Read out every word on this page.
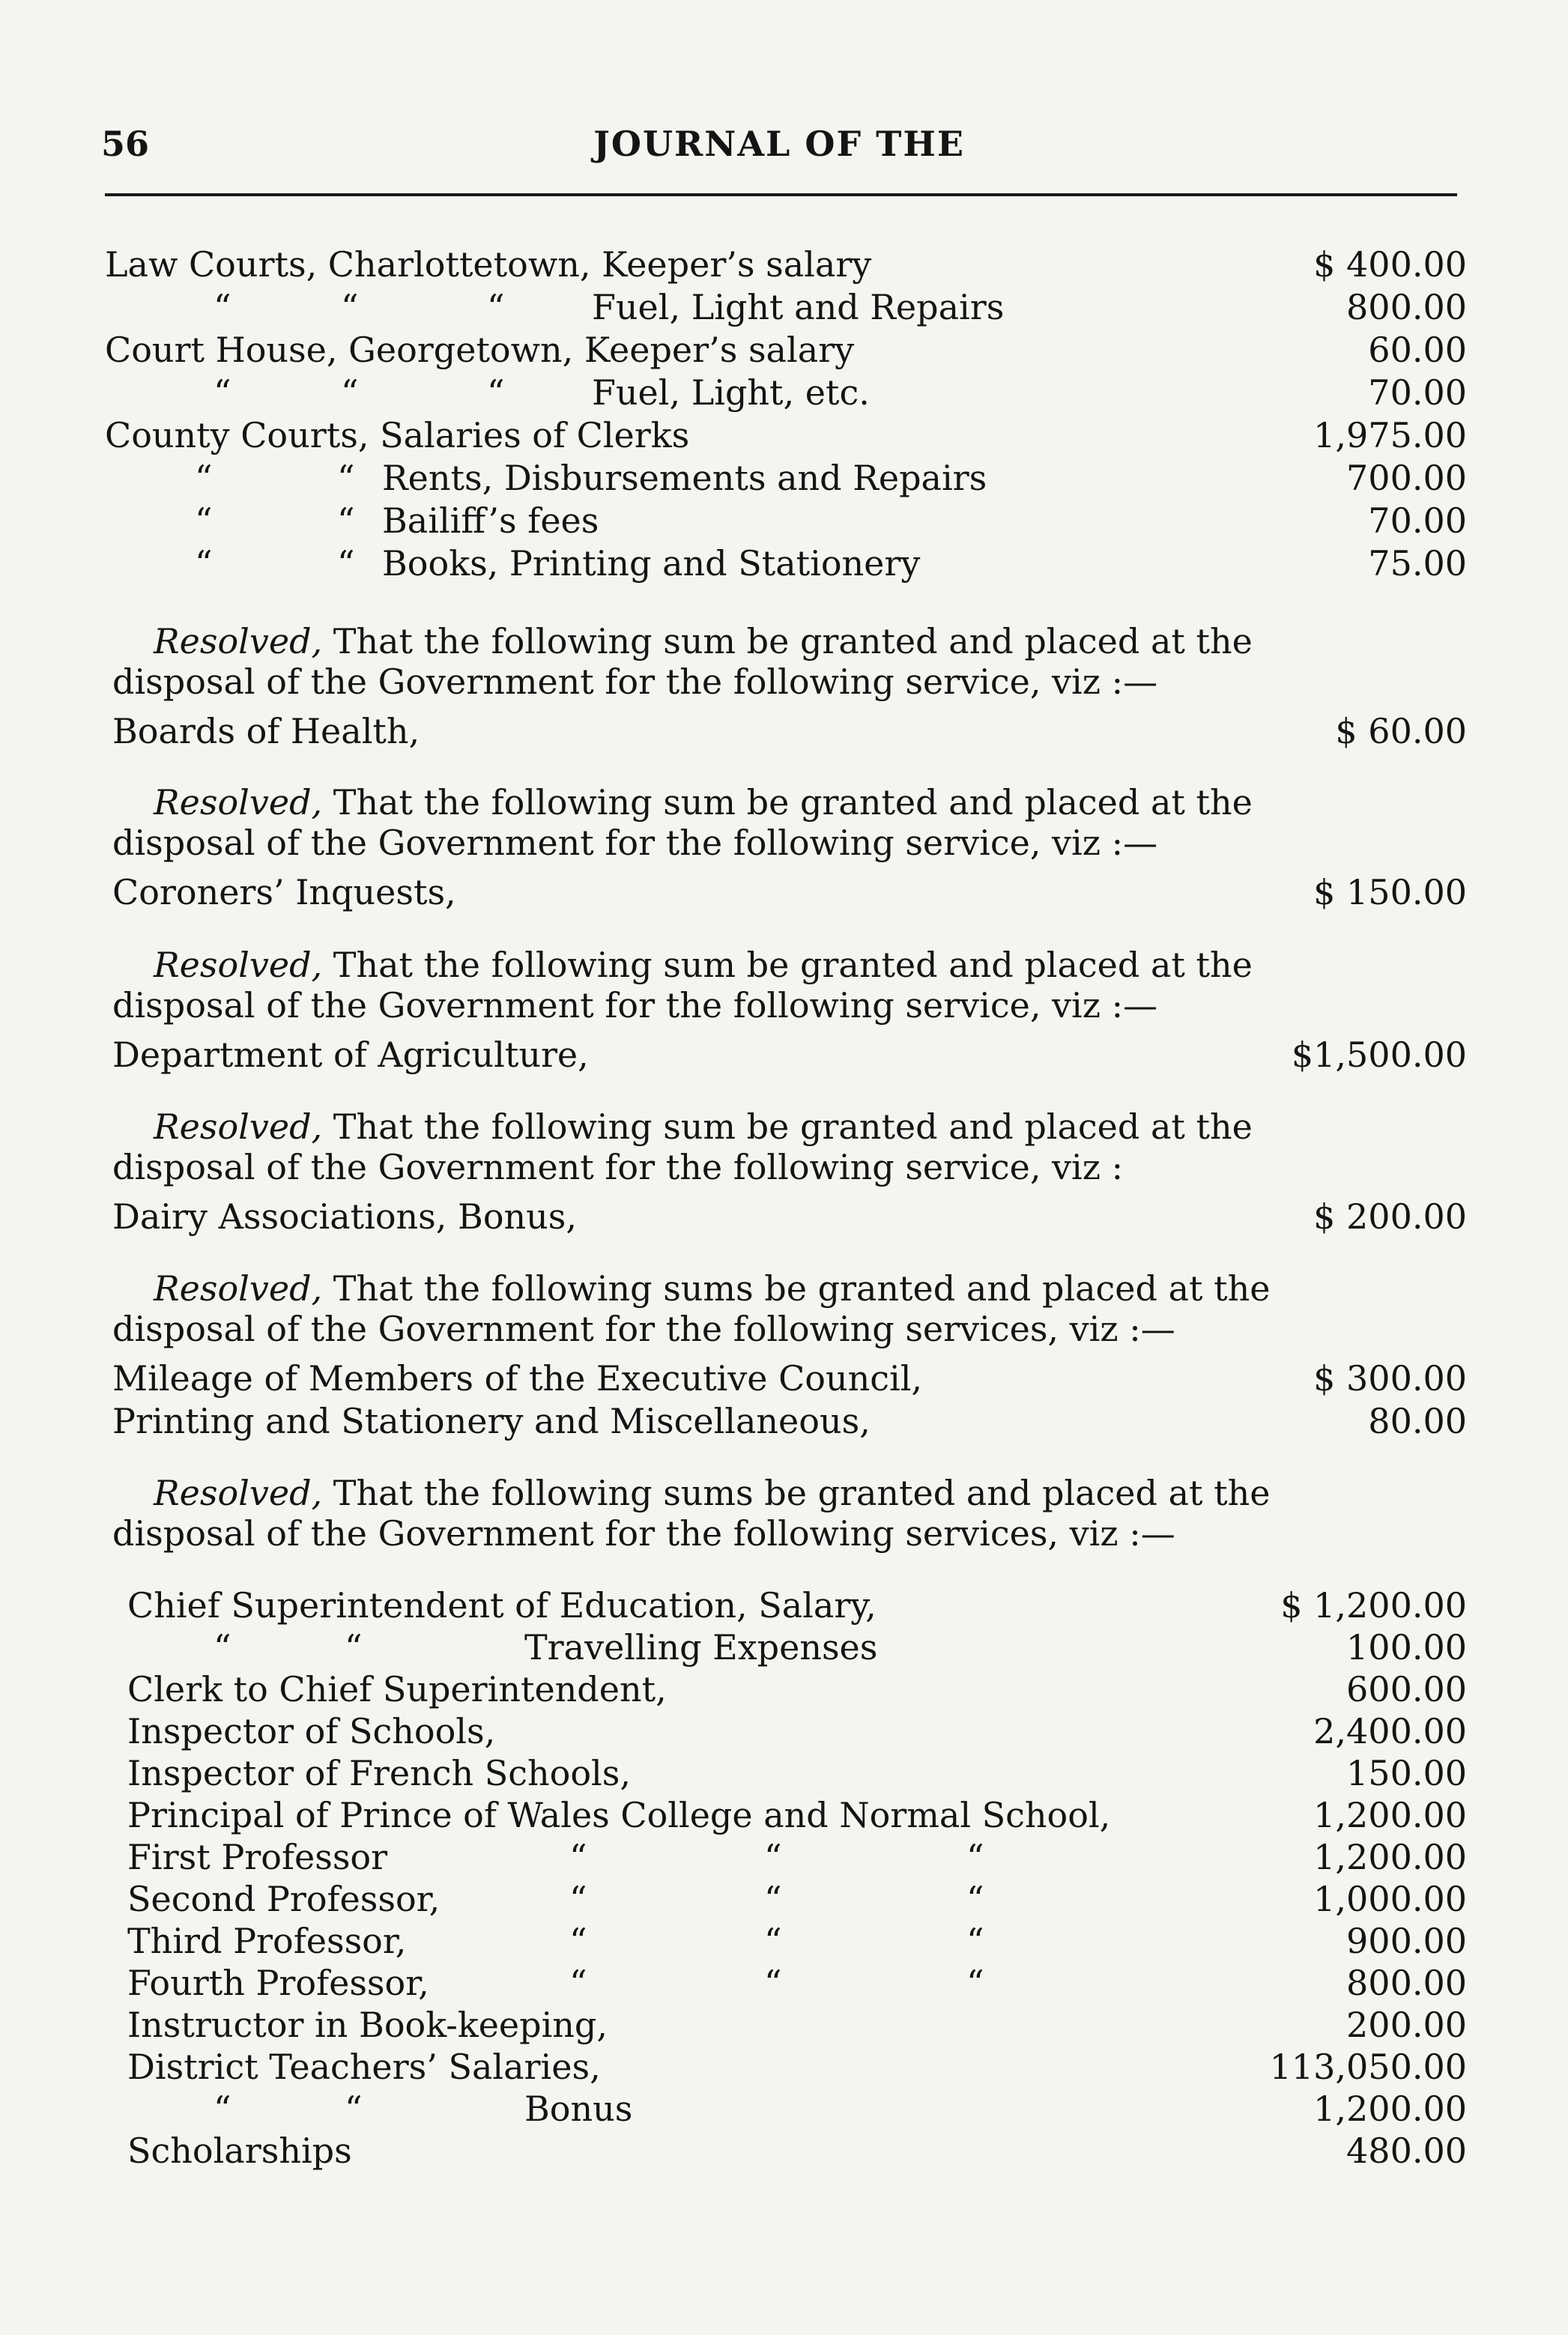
56	JOURNAL OF THE
Law Courts, Charlottetown, Keeper’s salary	$ 400.00
“	“	“	Fuel, Light and Repairs	800.00
Court House, Georgetown, Keeper’s salary	60.00
“	“	“	Fuel, Light, etc.	70.00
County Courts, Salaries of Clerks	1,975.00
“	“ Rents, Disbursements and Repairs	700.00
“	“ Bailiff’s fees	70.00
“	“ Books, Printing and Stationery	75.00
Resolved, That the following sum be granted and placed at the
disposal of the Government for the following service, viz :—
Boards of Health,	$ 60.00
Resolved, That the following sum be granted and placed at the
disposal of the Government for the following service, viz :—
Coroners’ Inquests,	$ 150.00
Resolved, That the following sum be granted and placed at the
disposal of the Government for the following service, viz :—
Department of Agriculture,	$1,500.00
Resolved, That the following sum be granted and placed at the
disposal of the Government for the following service, viz :
Dairy Associations, Bonus,	$ 200.00
Resolved, That the following sums be granted and placed at the
disposal of the Government for the following services, viz :—
Mileage of Members of the Executive Council,	$ 300.00
Printing and Stationery and Miscellaneous,	80.00
Resolved, That the following sums be granted and placed at the
disposal of the Government for the following services, viz :—
Chief Superintendent of Education, Salary,	$ 1,200.00
“	“	Travelling Expenses	100.00
Clerk to Chief Superintendent,	600.00
Inspector of Schools,	2,400.00
Inspector of French Schools,	150.00
Principal of Prince of Wales College and Normal School,	1,200.00
First Professor	“	“	“	1,200.00
Second Professor,	“	“	“	1,000.00
Third Professor,	“	“	“	900.00
Fourth Professor,	“	“	“	800.00
Instructor in Book-keeping,	200.00
District Teachers’ Salaries,	113,050.00
“	“	Bonus	1,200.00
Scholarships	480.00
